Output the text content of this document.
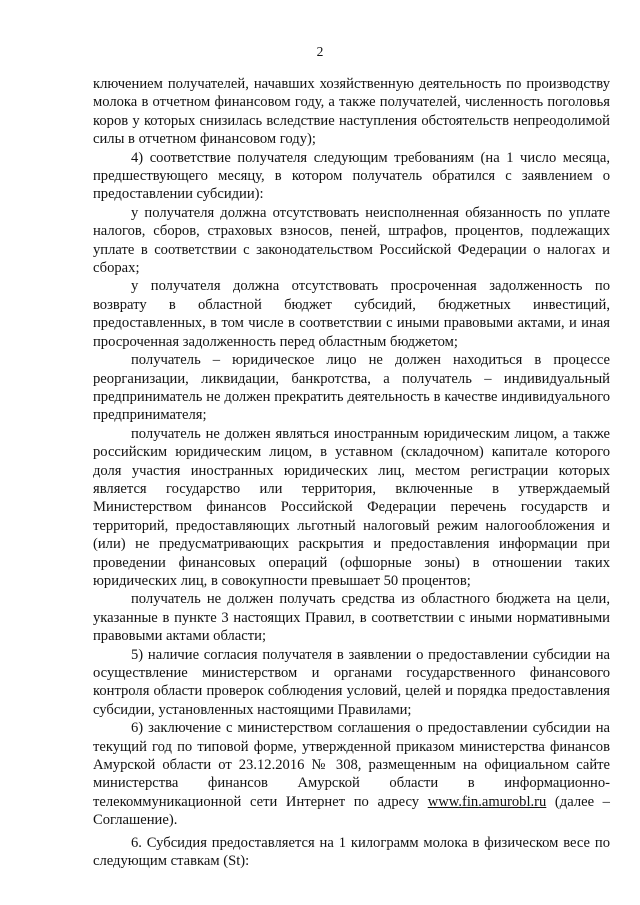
2

ключением получателей, начавших хозяйственную деятельность по производству молока в отчетном финансовом году, а также получателей, численность поголовья коров у которых снизилась вследствие наступления обстоятельств непреодолимой силы в отчетном финансовом году);

4) соответствие получателя следующим требованиям (на 1 число месяца, предшествующего месяцу, в котором получатель обратился с заявлением о предоставлении субсидии):

у получателя должна отсутствовать неисполненная обязанность по уплате налогов, сборов, страховых взносов, пеней, штрафов, процентов, подлежащих уплате в соответствии с законодательством Российской Федерации о налогах и сборах;

у получателя должна отсутствовать просроченная задолженность по возврату в областной бюджет субсидий, бюджетных инвестиций, предоставленных, в том числе в соответствии с иными правовыми актами, и иная просроченная задолженность перед областным бюджетом;

получатель – юридическое лицо не должен находиться в процессе реорганизации, ликвидации, банкротства, а получатель – индивидуальный предприниматель не должен прекратить деятельность в качестве индивидуального предпринимателя;

получатель не должен являться иностранным юридическим лицом, а также российским юридическим лицом, в уставном (складочном) капитале которого доля участия иностранных юридических лиц, местом регистрации которых является государство или территория, включенные в утверждаемый Министерством финансов Российской Федерации перечень государств и территорий, предоставляющих льготный налоговый режим налогообложения и (или) не предусматривающих раскрытия и предоставления информации при проведении финансовых операций (офшорные зоны) в отношении таких юридических лиц, в совокупности превышает 50 процентов;

получатель не должен получать средства из областного бюджета на цели, указанные в пункте 3 настоящих Правил, в соответствии с иными нормативными правовыми актами области;

5) наличие согласия получателя в заявлении о предоставлении субсидии на осуществление министерством и органами государственного финансового контроля области проверок соблюдения условий, целей и порядка предоставления субсидии, установленных настоящими Правилами;

6) заключение с министерством соглашения о предоставлении субсидии на текущий год по типовой форме, утвержденной приказом министерства финансов Амурской области от 23.12.2016 № 308, размещенным на официальном сайте министерства финансов Амурской области в информационно-телекоммуникационной сети Интернет по адресу www.fin.amurobl.ru (далее – Соглашение).

6. Субсидия предоставляется на 1 килограмм молока в физическом весе по следующим ставкам (St):
